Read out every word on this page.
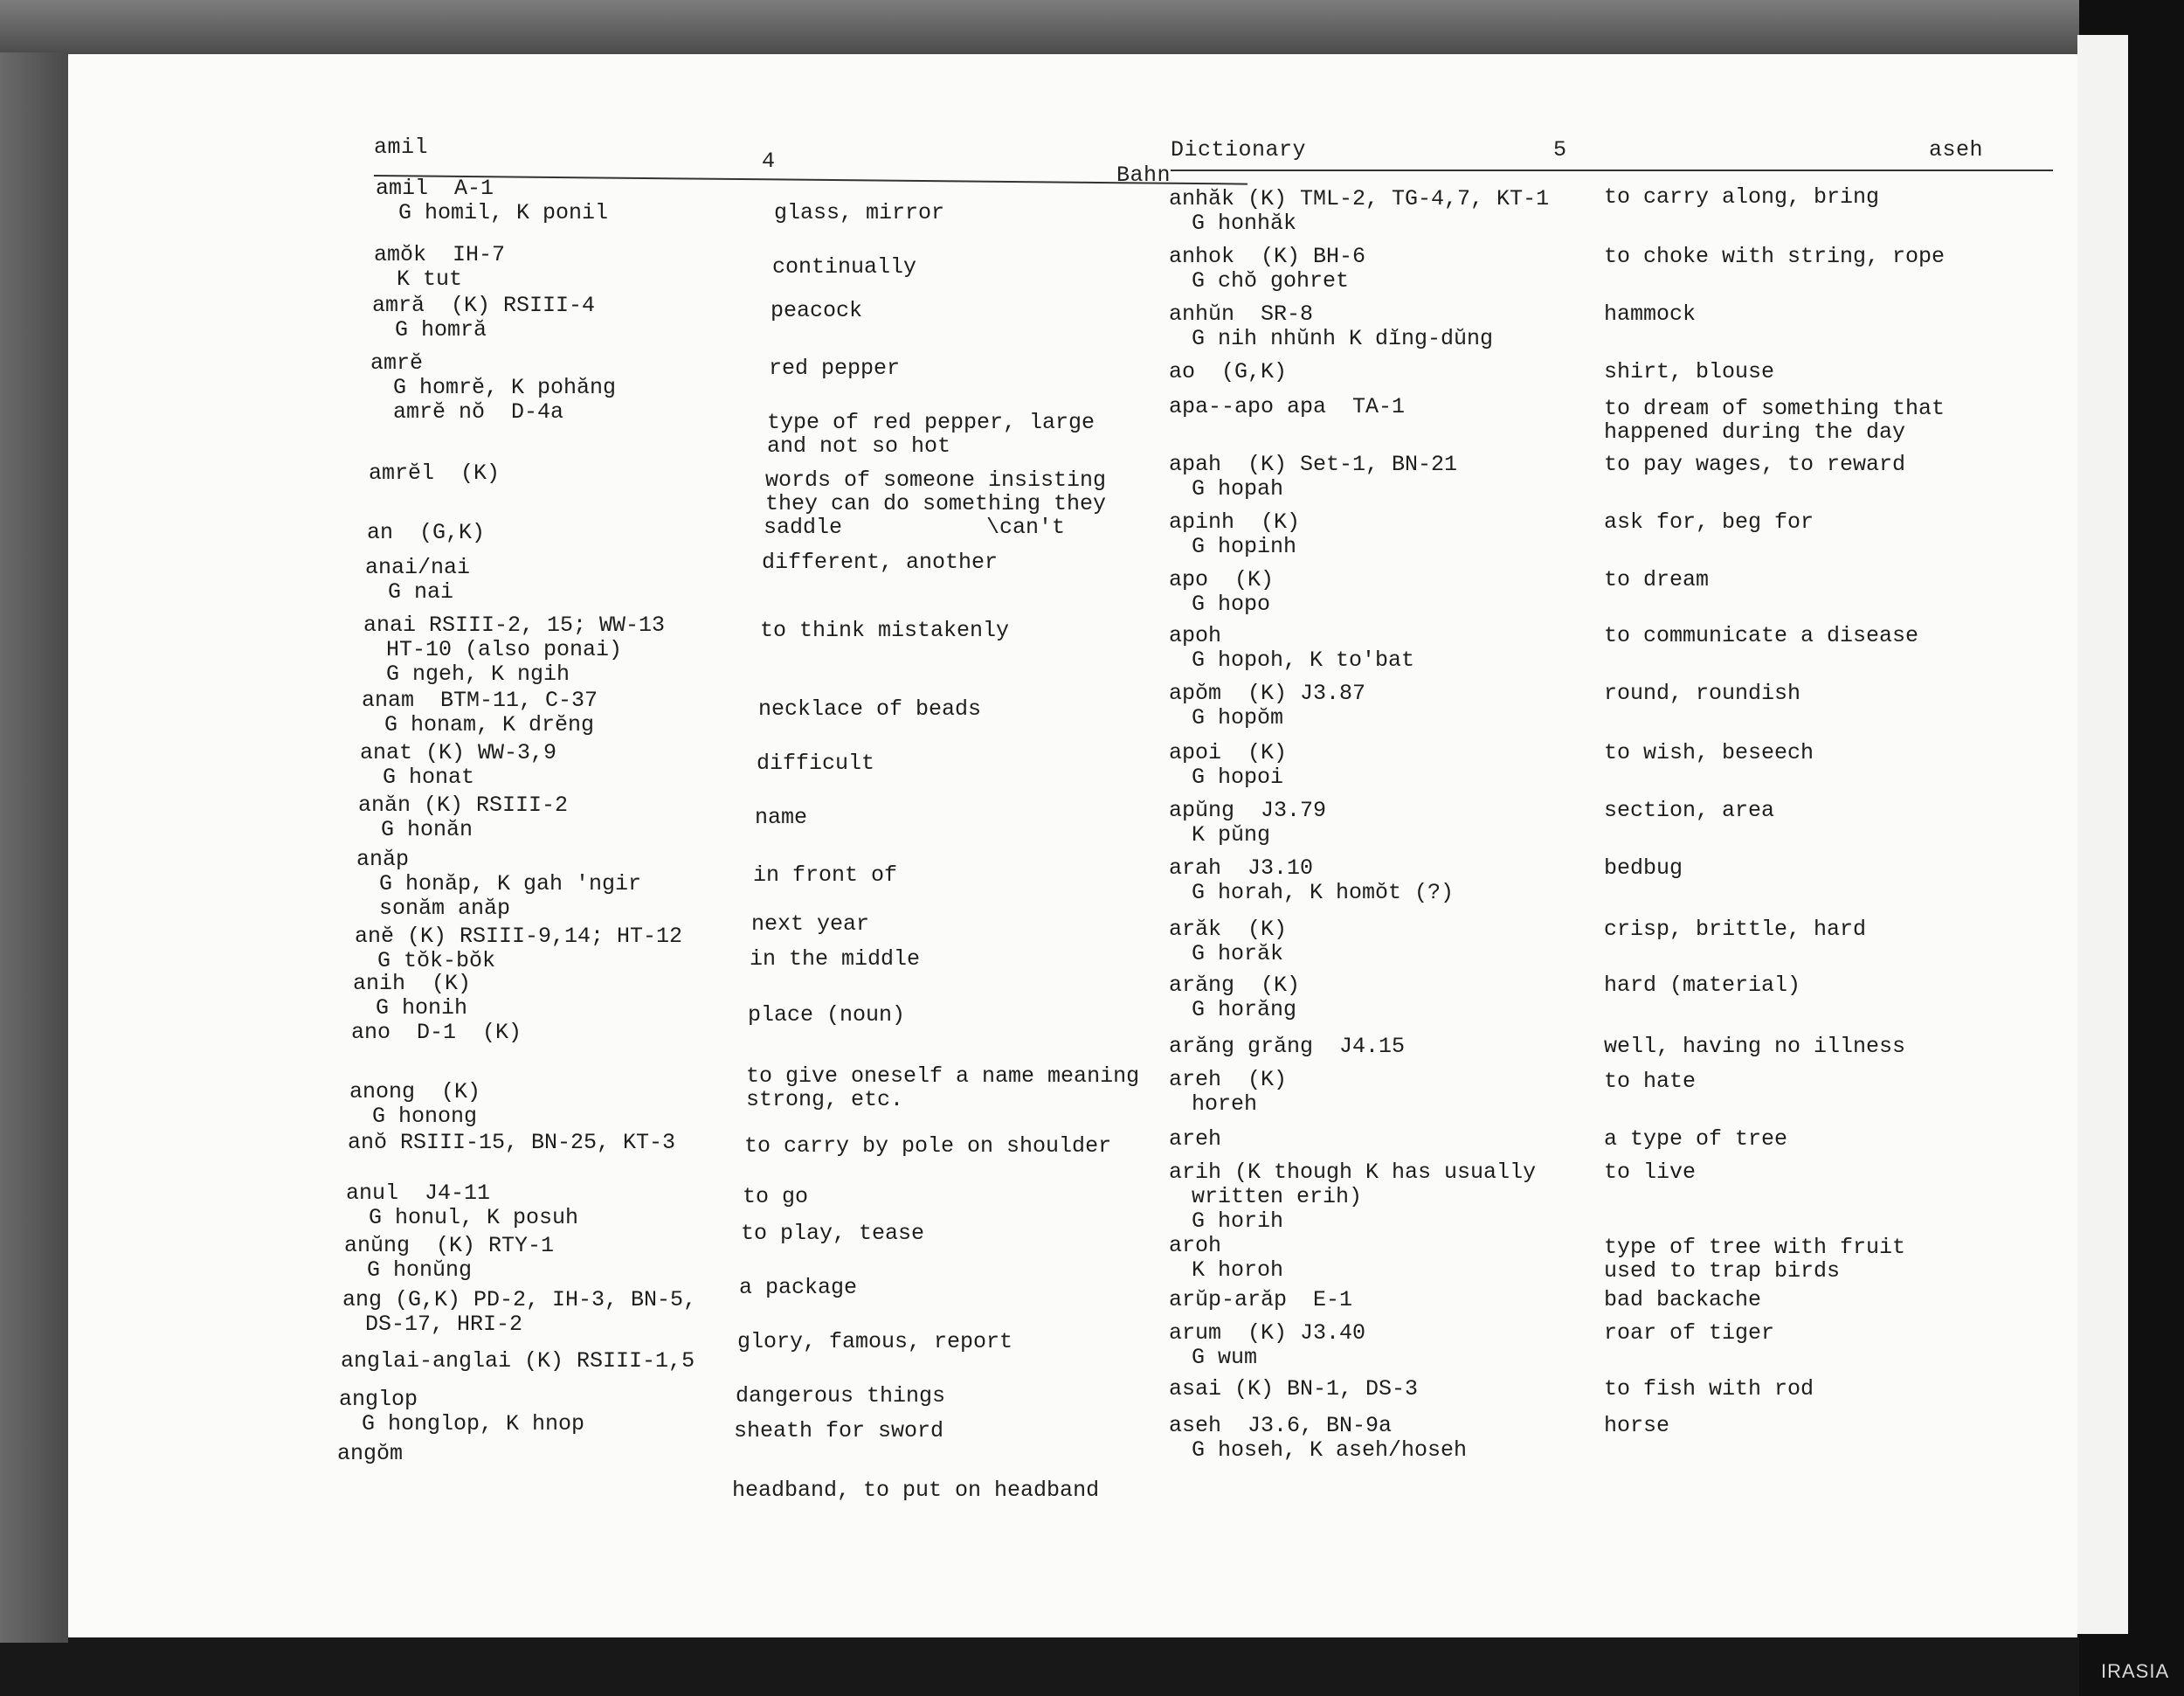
amil
4
Bahn
Dictionary	5	aseh
amil  A-1
G homil, K ponil
amŏk  IH-7
K tut
amră  (K) RSIII-4
G homră
amrĕ
G homrĕ, K pohăng
amrĕ nŏ  D-4a
amrĕl  (K)
an  (G,K)
anai/nai
G nai
anai RSIII-2, 15; WW-13
HT-10 (also ponai)
G ngeh, K ngih
anam  BTM-11, C-37
G honam, K drĕng
anat (K) WW-3,9
G honat
anăn (K) RSIII-2
G honăn
anăp
G honăp, K gah 'ngir
sonăm anăp
anĕ (K) RSIII-9,14; HT-12
G tŏk-bŏk
anih  (K)
G honih
ano  D-1  (K)
anong  (K)
G honong
anŏ RSIII-15, BN-25, KT-3
anul  J4-11
G honul, K posuh
anŭng  (K) RTY-1
G honŭng
ang (G,K) PD-2, IH-3, BN-5,
DS-17, HRI-2
anglai-anglai (K) RSIII-1,5
anglop
G honglop, K hnop
angŏm
glass, mirror
continually
peacock
red pepper
type of red pepper, large
and not so hot
words of someone insisting
they can do something they
saddle           \can't
different, another
to think mistakenly
necklace of beads
difficult
name
in front of
next year
in the middle
place (noun)
to give oneself a name meaning
strong, etc.
to carry by pole on shoulder
to go
to play, tease
a package
glory, famous, report
dangerous things
sheath for sword
headband, to put on headband
anhăk (K) TML-2, TG-4,7, KT-1
G honhăk
anhok  (K) BH-6
G chŏ gohret
anhŭn  SR-8
G nih nhŭnh K dĭng-dŭng
ao  (G,K)
apa--apo apa  TA-1
apah  (K) Set-1, BN-21
G hopah
apinh  (K)
G hopinh
apo  (K)
G hopo
apoh
G hopoh, K to'bat
apŏm  (K) J3.87
G hopŏm
apoi  (K)
G hopoi
apŭng  J3.79
K pŭng
arah  J3.10
G horah, K homŏt (?)
arăk  (K)
G horăk
arăng  (K)
G horăng
arăng grăng  J4.15
areh  (K)
horeh
areh
arih (K though K has usually
written erih)
G horih
aroh
K horoh
arŭp-arăp  E-1
arum  (K) J3.40
G wum
asai (K) BN-1, DS-3
aseh  J3.6, BN-9a
G hoseh, K aseh/hoseh
to carry along, bring
to choke with string, rope
hammock
shirt, blouse
to dream of something that
happened during the day
to pay wages, to reward
ask for, beg for
to dream
to communicate a disease
round, roundish
to wish, beseech
section, area
bedbug
crisp, brittle, hard
hard (material)
well, having no illness
to hate
a type of tree
to live
type of tree with fruit
used to trap birds
bad backache
roar of tiger
to fish with rod
horse
IRASIA
